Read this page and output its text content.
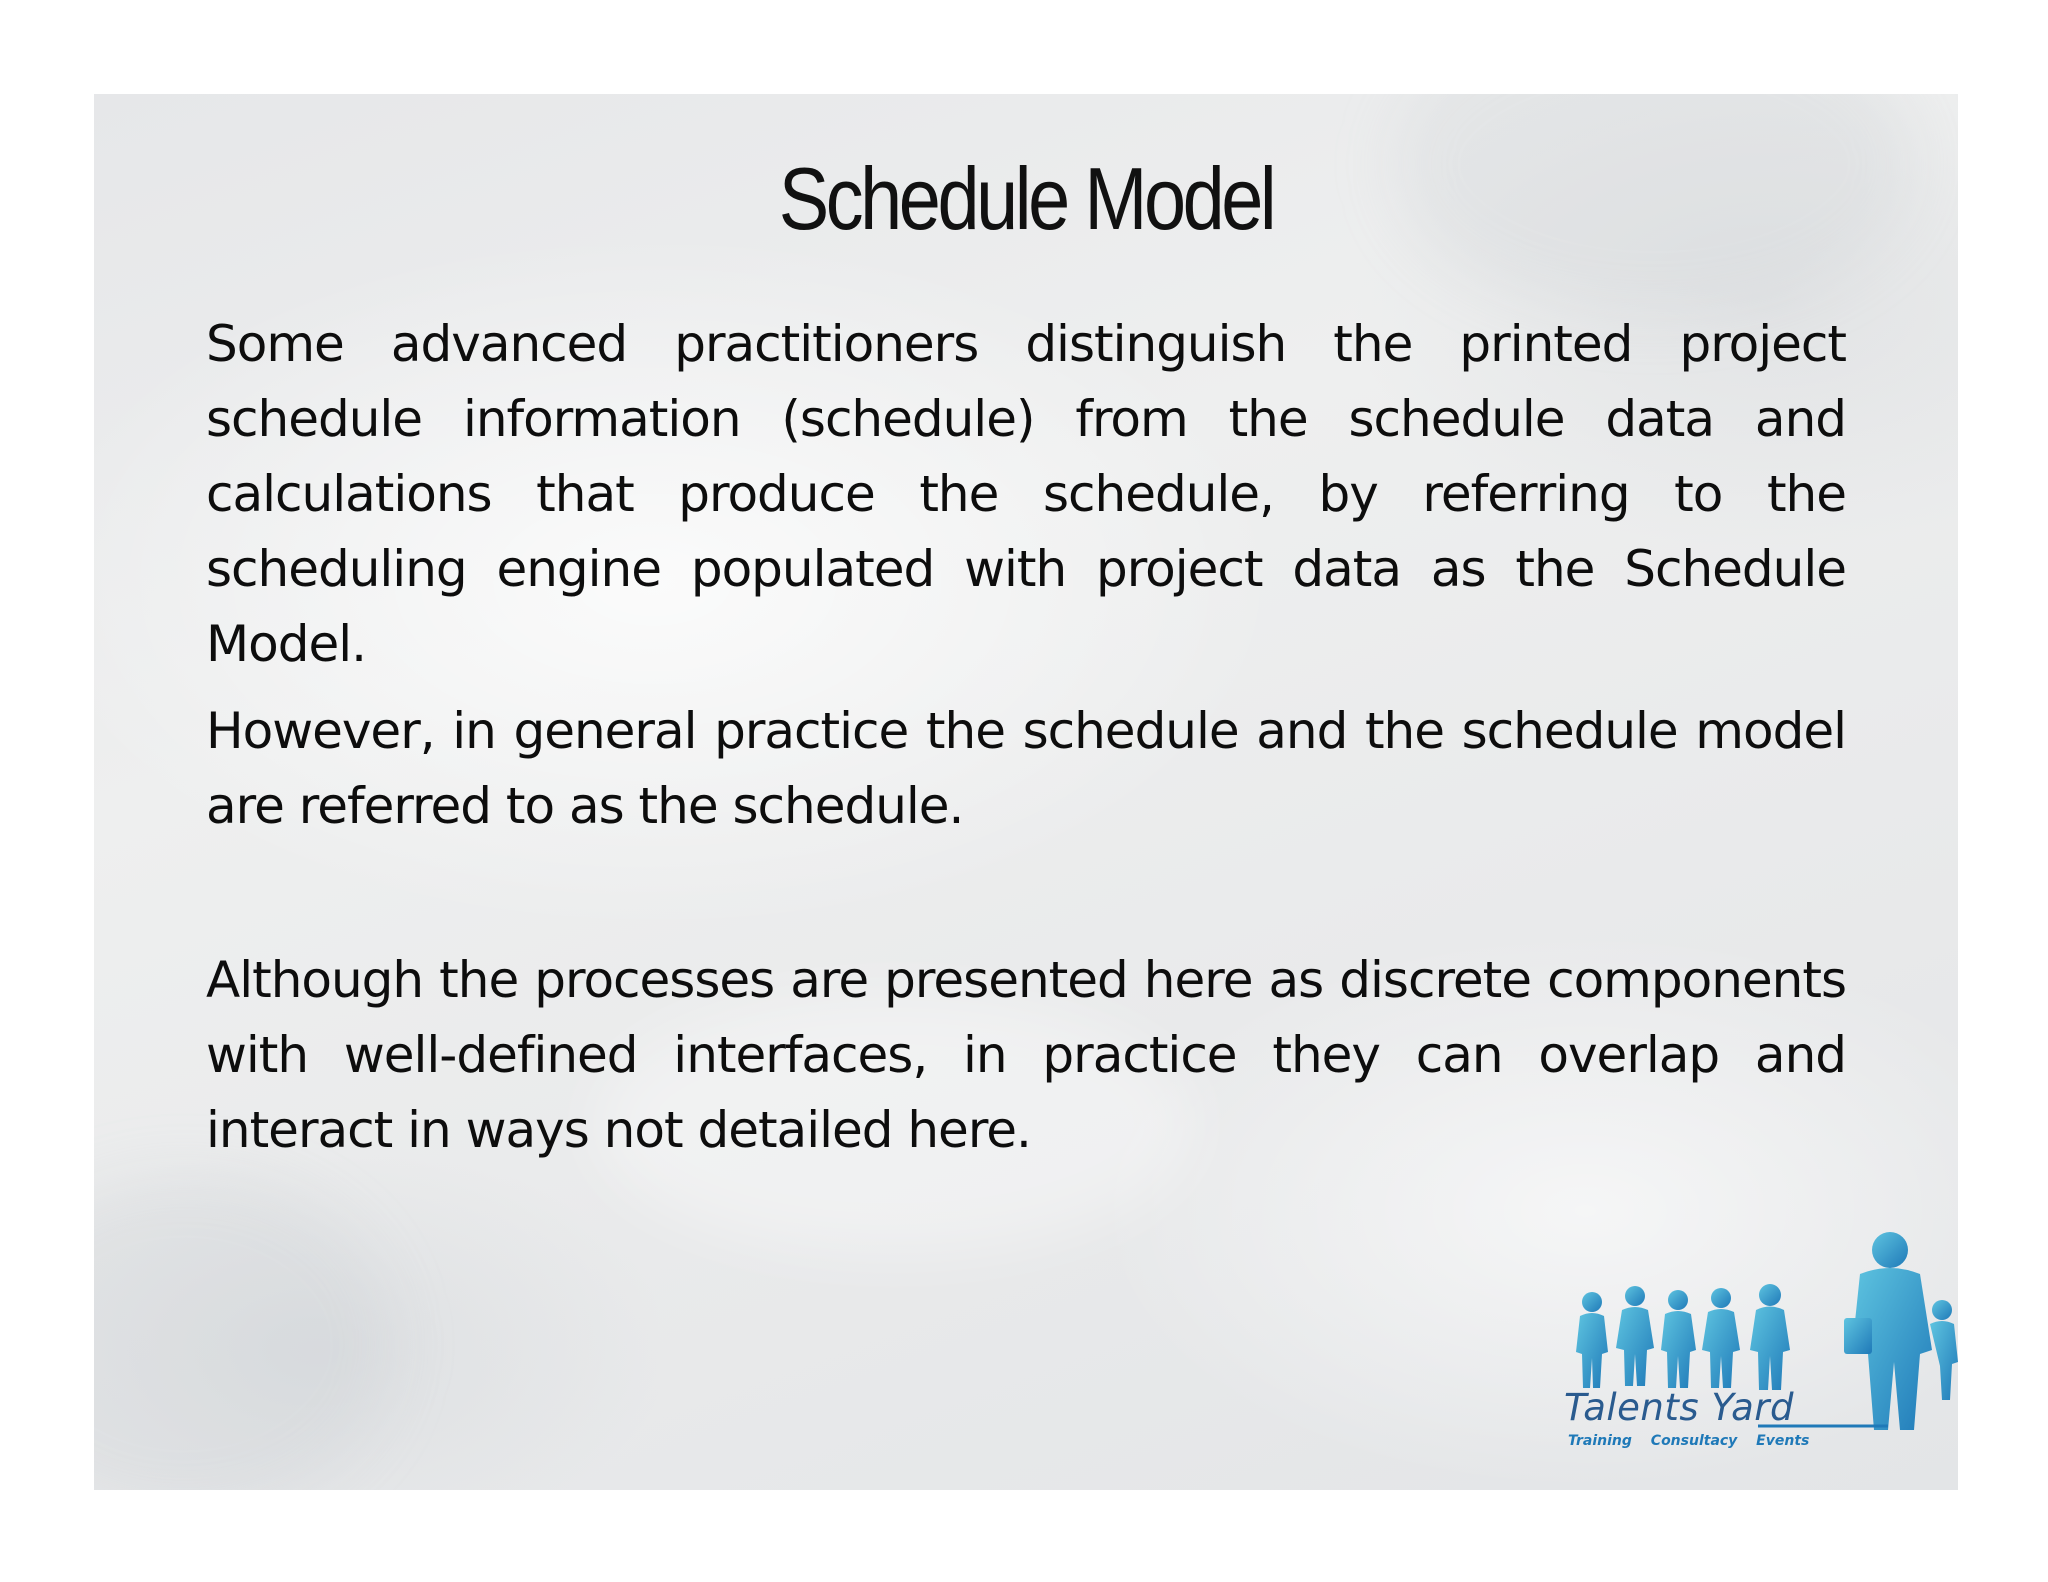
Schedule Model

Some advanced practitioners distinguish the printed project schedule information (schedule) from the schedule data and calculations that produce the schedule, by referring to the scheduling engine populated with project data as the Schedule Model.

However, in general practice the schedule and the schedule model are referred to as the schedule.

Although the processes are presented here as discrete components with well-defined interfaces, in practice they can overlap and interact in ways not detailed here.

Talents Yard
Training Consultacy Events
